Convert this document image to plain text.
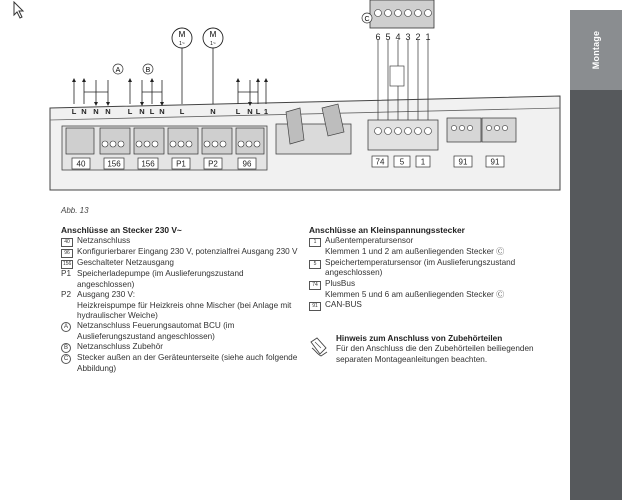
6 5 4 3 2 1
C
M
1~
M
1~
A	B
L N N N L N L N L	N	L N L 1
40	156	156	P1	P2	96	74 5 1	91	91
Montage
Abb. 13
Anschlüsse an Stecker 230 V~
40 Netzanschluss
96 Konfigurierbarer Eingang 230 V, potenzialfrei Ausgang 230 V
156 Geschalteter Netzausgang
P1 Speicherladepumpe (im Auslieferungszustand angeschlossen)
P2 Ausgang 230 V:
Heizkreispumpe für Heizkreis ohne Mischer (bei Anlage mit hydraulischer Weiche)
A	Netzanschluss Feuerungsautomat BCU (im Auslieferungszustand angeschlossen)
B	Netzanschluss Zubehör
C	Stecker außen an der Geräteunterseite (siehe auch folgende Abbildung)
Anschlüsse an Kleinspannungsstecker
1	Außentemperatursensor
Klemmen 1 und 2 am außenliegenden Stecker Ⓒ
5	Speichertemperatursensor (im Auslieferungszustand angeschlossen)
74 PlusBus
Klemmen 5 und 6 am außenliegenden Stecker Ⓒ
91 CAN-BUS
Hinweis zum Anschluss von Zubehörteilen
Für den Anschluss die den Zubehörteilen beiliegenden separaten Montageanleitungen beachten.
